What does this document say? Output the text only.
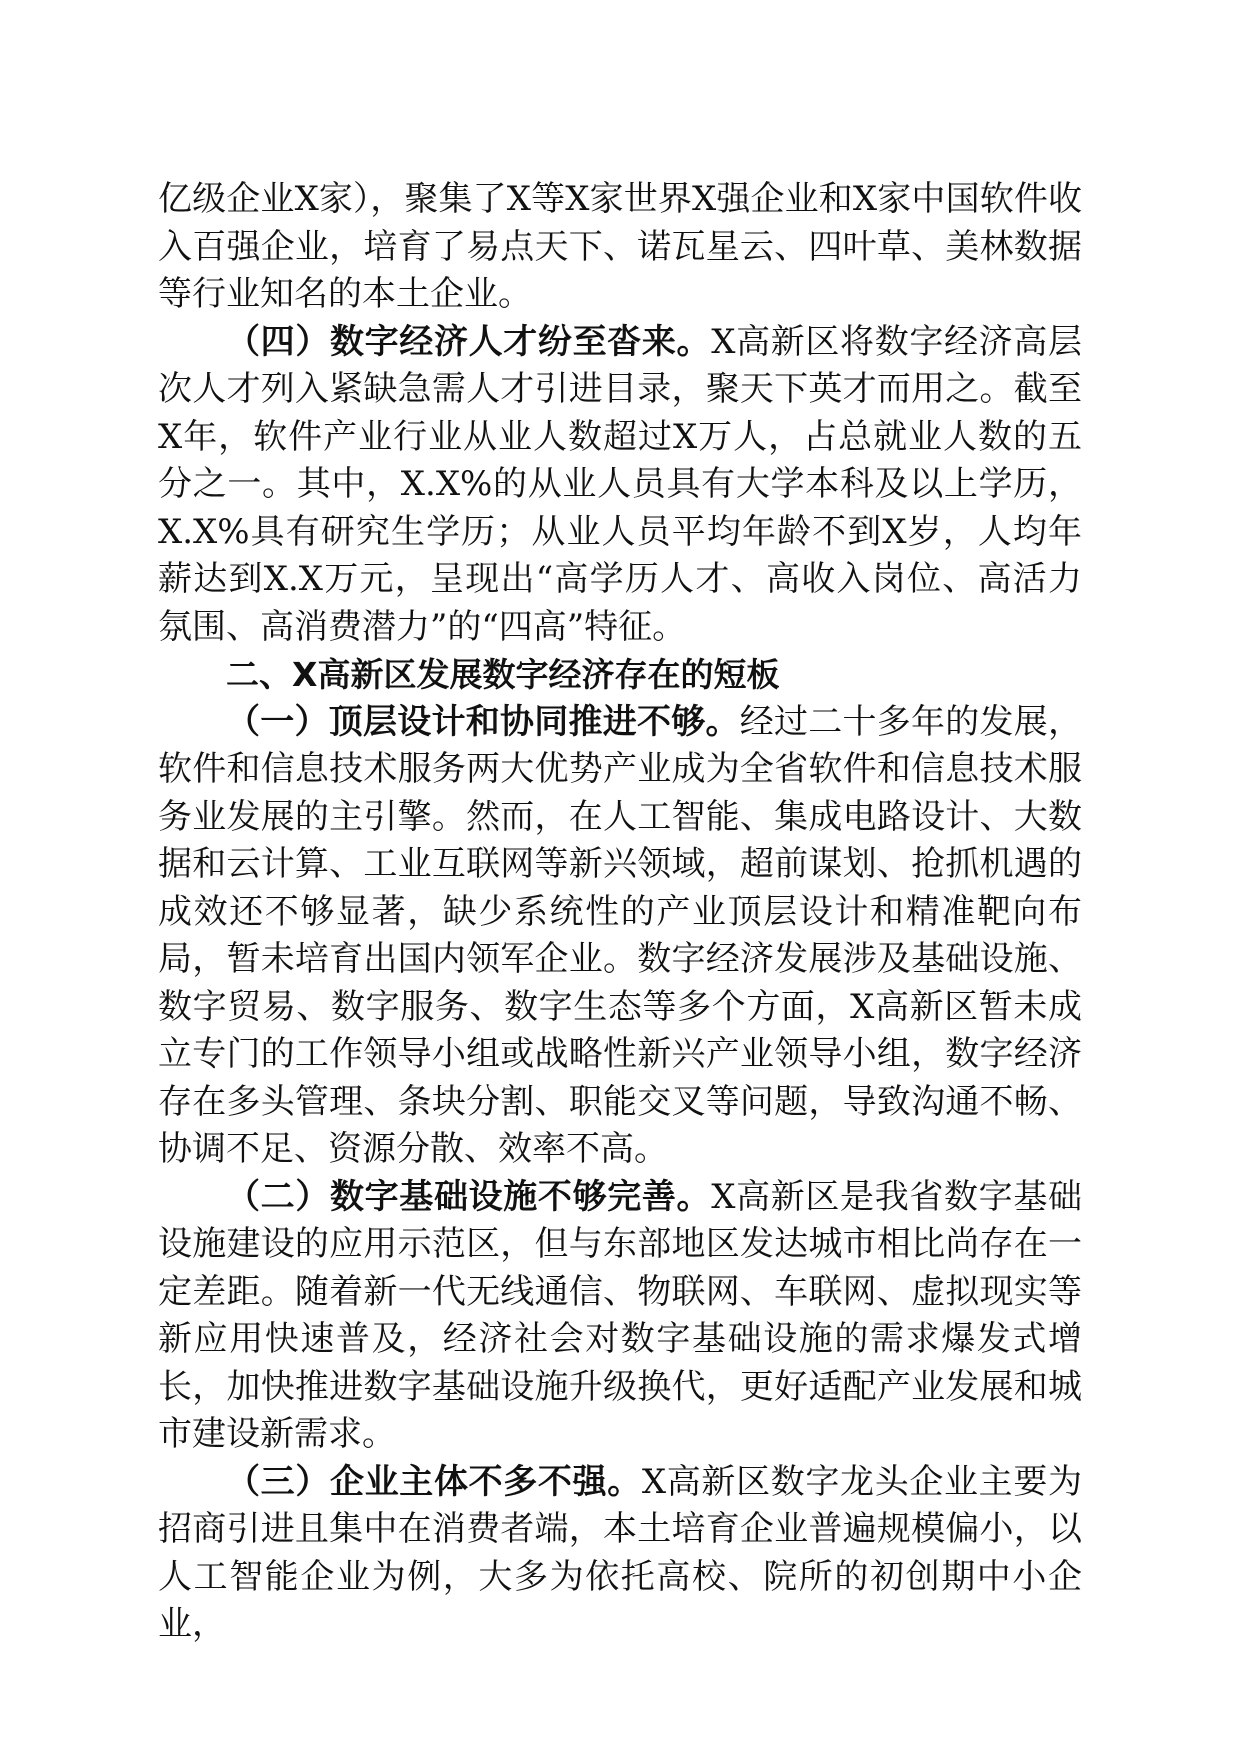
亿级企业X家），聚集了X等X家世界X强企业和X家中国软件收入百强企业，培育了易点天下、诺瓦星云、四叶草、美林数据等行业知名的本土企业。

（四）数字经济人才纷至沓来。X高新区将数字经济高层次人才列入紧缺急需人才引进目录，聚天下英才而用之。截至X年，软件产业行业从业人数超过X万人，占总就业人数的五分之一。其中，X.X%的从业人员具有大学本科及以上学历，X.X%具有研究生学历；从业人员平均年龄不到X岁，人均年薪达到X.X万元，呈现出“高学历人才、高收入岗位、高活力氛围、高消费潜力”的“四高”特征。

二、X高新区发展数字经济存在的短板

（一）顶层设计和协同推进不够。经过二十多年的发展，软件和信息技术服务两大优势产业成为全省软件和信息技术服务业发展的主引擎。然而，在人工智能、集成电路设计、大数据和云计算、工业互联网等新兴领域，超前谋划、抢抓机遇的成效还不够显著，缺少系统性的产业顶层设计和精准靶向布局，暂未培育出国内领军企业。数字经济发展涉及基础设施、数字贸易、数字服务、数字生态等多个方面，X高新区暂未成立专门的工作领导小组或战略性新兴产业领导小组，数字经济存在多头管理、条块分割、职能交叉等问题，导致沟通不畅、协调不足、资源分散、效率不高。

（二）数字基础设施不够完善。X高新区是我省数字基础设施建设的应用示范区，但与东部地区发达城市相比尚存在一定差距。随着新一代无线通信、物联网、车联网、虚拟现实等新应用快速普及，经济社会对数字基础设施的需求爆发式增长，加快推进数字基础设施升级换代，更好适配产业发展和城市建设新需求。

（三）企业主体不多不强。X高新区数字龙头企业主要为招商引进且集中在消费者端，本土培育企业普遍规模偏小，以人工智能企业为例，大多为依托高校、院所的初创期中小企业，
